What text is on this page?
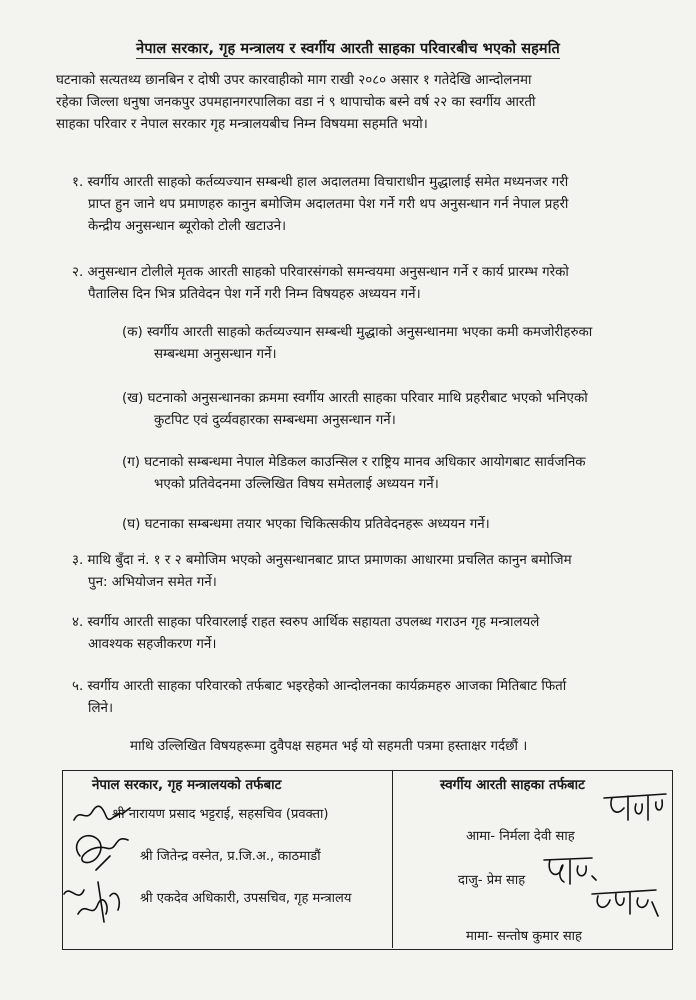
नेपाल सरकार, गृह मन्त्रालय र स्वर्गीय आरती साहका परिवारबीच भएको सहमति
घटनाको सत्यतथ्य छानबिन र दोषी उपर कारवाहीको माग राखी २०८० असार १ गतेदेखि आन्दोलनमा
रहेका जिल्ला धनुषा जनकपुर उपमहानगरपालिका वडा नं ९ थापाचोक बस्ने वर्ष २२ का स्वर्गीय आरती
साहका परिवार र नेपाल सरकार गृह मन्त्रालयबीच निम्न विषयमा सहमति भयो।
१. स्वर्गीय आरती साहको कर्तव्यज्यान सम्बन्धी हाल अदालतमा विचाराधीन मुद्धालाई समेत मध्यनजर गरी
प्राप्त हुन जाने थप प्रमाणहरु कानुन बमोजिम अदालतमा पेश गर्ने गरी थप अनुसन्धान गर्न नेपाल प्रहरी
केन्द्रीय अनुसन्धान ब्यूरोको टोली खटाउने।
२. अनुसन्धान टोलीले मृतक आरती साहको परिवारसंगको समन्वयमा अनुसन्धान गर्ने र कार्य प्रारम्भ गरेको
पैतालिस दिन भित्र प्रतिवेदन पेश गर्ने गरी निम्न विषयहरु अध्ययन गर्ने।
(क) स्वर्गीय आरती साहको कर्तव्यज्यान सम्बन्धी मुद्धाको अनुसन्धानमा भएका कमी कमजोरीहरुका
सम्बन्धमा अनुसन्धान गर्ने।
(ख) घटनाको अनुसन्धानका क्रममा स्वर्गीय आरती साहका परिवार माथि प्रहरीबाट भएको भनिएको
कुटपिट एवं दुर्व्यवहारका सम्बन्धमा अनुसन्धान गर्ने।
(ग) घटनाको सम्बन्धमा नेपाल मेडिकल काउन्सिल र राष्ट्रिय मानव अधिकार आयोगबाट सार्वजनिक
भएको प्रतिवेदनमा उल्लिखित विषय समेतलाई अध्ययन गर्ने।
(घ) घटनाका सम्बन्धमा तयार भएका चिकित्सकीय प्रतिवेदनहरू अध्ययन गर्ने।
३. माथि बुँदा नं. १ र २ बमोजिम भएको अनुसन्धानबाट प्राप्त प्रमाणका आधारमा प्रचलित कानुन बमोजिम
पुन: अभियोजन समेत गर्ने।
४. स्वर्गीय आरती साहका परिवारलाई राहत स्वरुप आर्थिक सहायता उपलब्ध गराउन गृह मन्त्रालयले
आवश्यक सहजीकरण गर्ने।
५. स्वर्गीय आरती साहका परिवारको तर्फबाट भइरहेको आन्दोलनका कार्यक्रमहरु आजका मितिबाट फिर्ता
लिने।
माथि उल्लिखित विषयहरूमा दुवैपक्ष सहमत भई यो सहमती पत्रमा हस्ताक्षर गर्दछौं ।
नेपाल सरकार, गृह मन्त्रालयको तर्फबाट	स्वर्गीय आरती साहका तर्फबाट
श्री नारायण प्रसाद भट्टराई, सहसचिव (प्रवक्ता)
श्री जितेन्द्र वस्नेत, प्र.जि.अ., काठमाडौं
श्री एकदेव अधिकारी, उपसचिव, गृह मन्त्रालय
आमा- निर्मला देवी साह
दाजु- प्रेम साह
मामा- सन्तोष कुमार साह
